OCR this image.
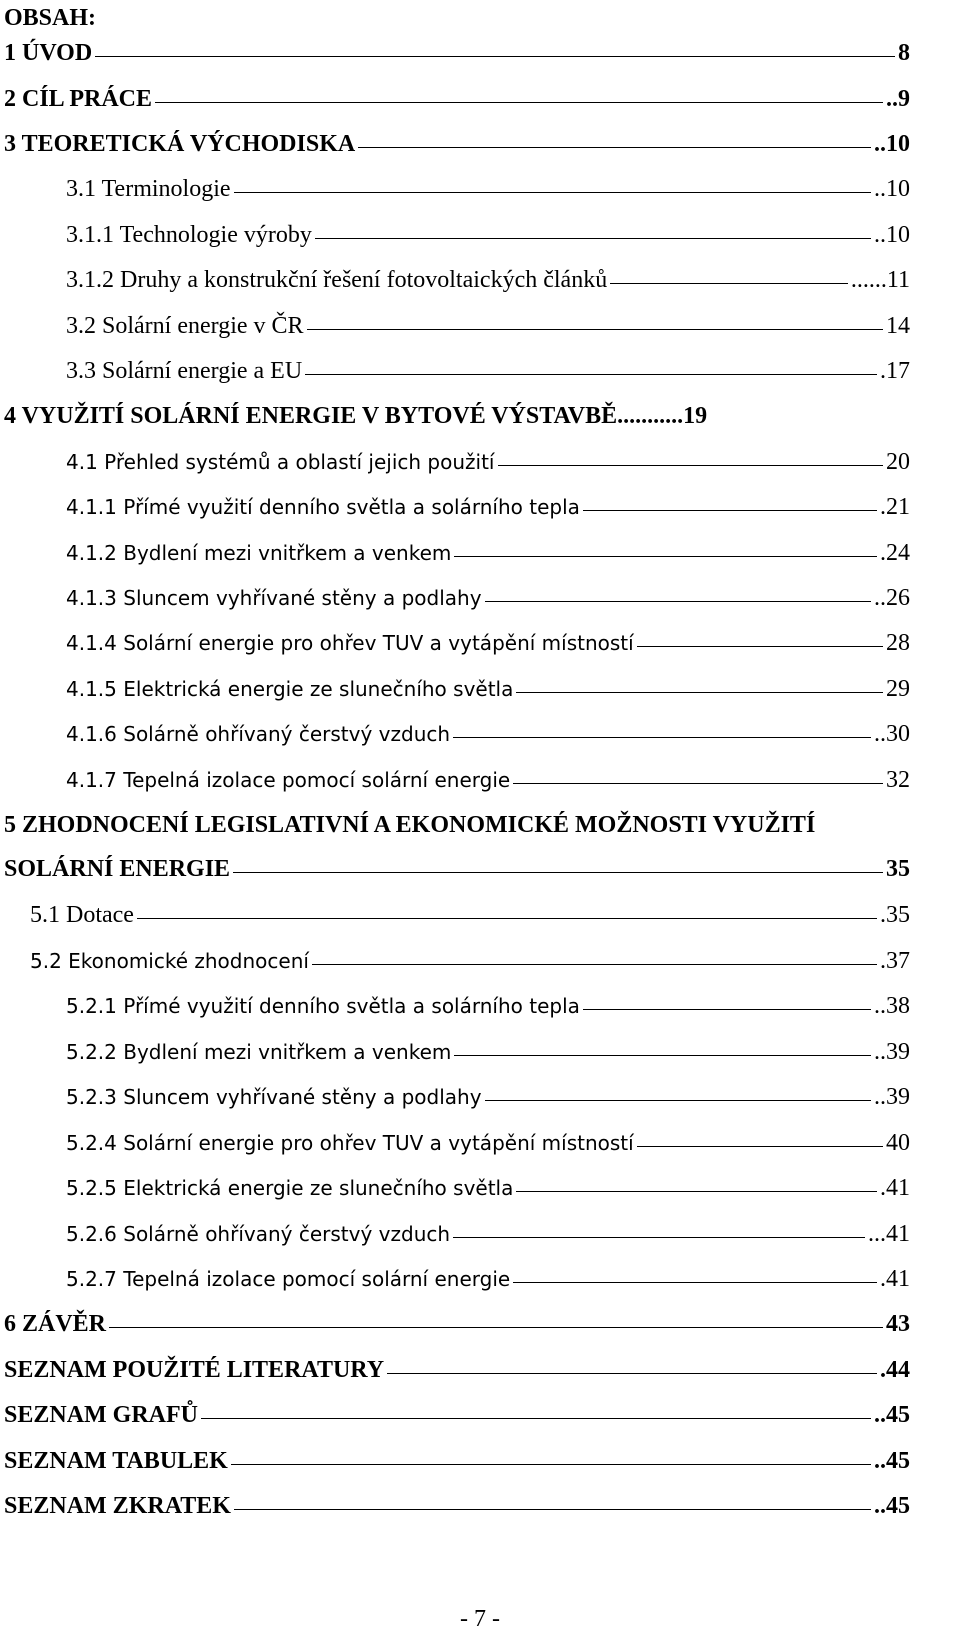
OBSAH:
1 ÚVOD	8
2 CÍL PRÁCE	..9
3 TEORETICKÁ VÝCHODISKA	..10
3.1 Terminologie	..10
3.1.1 Technologie výroby	..10
3.1.2 Druhy a konstrukční řešení fotovoltaických článků	......11
3.2 Solární energie v ČR	14
3.3 Solární energie a EU	.17
4 VYUŽITÍ SOLÁRNÍ ENERGIE V BYTOVÉ VÝSTAVBĚ ...........19
4.1 Přehled systémů a oblastí jejich použití	20
4.1.1 Přímé využití denního světla a solárního tepla	.21
4.1.2 Bydlení mezi vnitřkem a venkem	.24
4.1.3 Sluncem vyhřívané stěny a podlahy	..26
4.1.4 Solární energie pro ohřev TUV a vytápění místností	28
4.1.5 Elektrická energie ze slunečního světla	29
4.1.6 Solárně ohřívaný čerstvý vzduch	..30
4.1.7 Tepelná izolace pomocí solární energie	32
5 ZHODNOCENÍ LEGISLATIVNÍ A EKONOMICKÉ MOŽNOSTI VYUŽITÍ
SOLÁRNÍ ENERGIE	35
5.1 Dotace	.35
5.2 Ekonomické zhodnocení	.37
5.2.1 Přímé využití denního světla a solárního tepla	..38
5.2.2 Bydlení mezi vnitřkem a venkem	..39
5.2.3 Sluncem vyhřívané stěny a podlahy	..39
5.2.4 Solární energie pro ohřev TUV a vytápění místností	40
5.2.5 Elektrická energie ze slunečního světla	.41
5.2.6 Solárně ohřívaný čerstvý vzduch	...41
5.2.7 Tepelná izolace pomocí solární energie	.41
6 ZÁVĚR	43
SEZNAM POUŽITÉ LITERATURY	.44
SEZNAM GRAFŮ	..45
SEZNAM TABULEK	..45
SEZNAM ZKRATEK	..45
- 7 -
